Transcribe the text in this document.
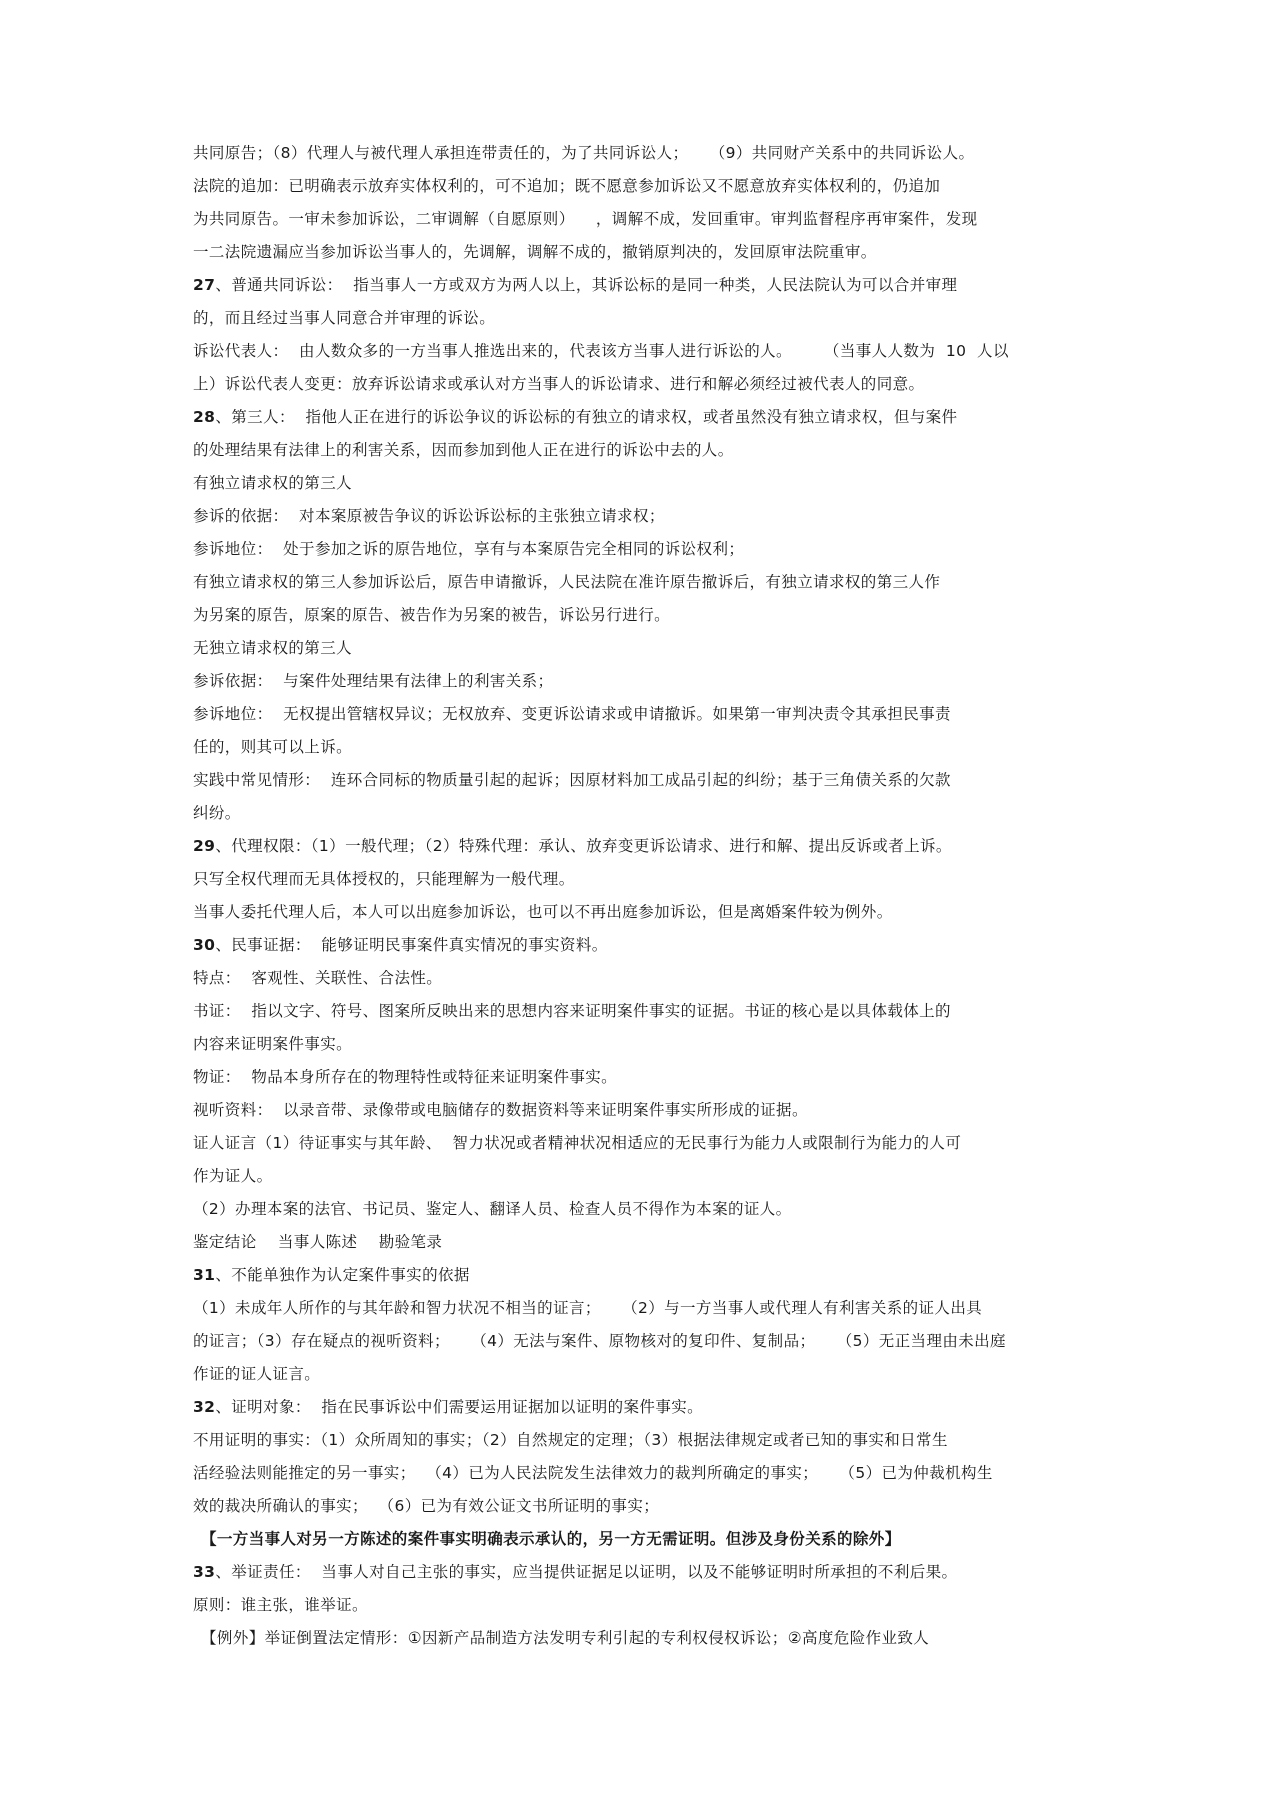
共同原告；（8）代理人与被代理人承担连带责任的，为了共同诉讼人；    （9）共同财产关系中的共同诉讼人。
法院的追加：已明确表示放弃实体权利的，可不追加；既不愿意参加诉讼又不愿意放弃实体权利的，仍追加
为共同原告。一审未参加诉讼，二审调解（自愿原则）    ，调解不成，发回重审。审判监督程序再审案件，发现
一二法院遗漏应当参加诉讼当事人的，先调解，调解不成的，撤销原判决的，发回原审法院重审。
27、普通共同诉讼：  指当事人一方或双方为两人以上，其诉讼标的是同一种类，人民法院认为可以合并审理
的，而且经过当事人同意合并审理的诉讼。
诉讼代表人：  由人数众多的一方当事人推选出来的，代表该方当事人进行诉讼的人。      （当事人人数为  10  人以
上）诉讼代表人变更：放弃诉讼请求或承认对方当事人的诉讼请求、进行和解必须经过被代表人的同意。
28、第三人：  指他人正在进行的诉讼争议的诉讼标的有独立的请求权，或者虽然没有独立请求权，但与案件
的处理结果有法律上的利害关系，因而参加到他人正在进行的诉讼中去的人。
有独立请求权的第三人
参诉的依据：  对本案原被告争议的诉讼诉讼标的主张独立请求权；
参诉地位：  处于参加之诉的原告地位，享有与本案原告完全相同的诉讼权利；
有独立请求权的第三人参加诉讼后，原告申请撤诉，人民法院在准许原告撤诉后，有独立请求权的第三人作
为另案的原告，原案的原告、被告作为另案的被告，诉讼另行进行。
无独立请求权的第三人
参诉依据：  与案件处理结果有法律上的利害关系；
参诉地位：  无权提出管辖权异议；无权放弃、变更诉讼请求或申请撤诉。如果第一审判决责令其承担民事责
任的，则其可以上诉。
实践中常见情形：  连环合同标的物质量引起的起诉；因原材料加工成品引起的纠纷；基于三角债关系的欠款
纠纷。
29、代理权限：（1）一般代理；（2）特殊代理：承认、放弃变更诉讼请求、进行和解、提出反诉或者上诉。
只写全权代理而无具体授权的，只能理解为一般代理。
当事人委托代理人后，本人可以出庭参加诉讼，也可以不再出庭参加诉讼，但是离婚案件较为例外。
30、民事证据：  能够证明民事案件真实情况的事实资料。
特点：  客观性、关联性、合法性。
书证：  指以文字、符号、图案所反映出来的思想内容来证明案件事实的证据。书证的核心是以具体载体上的
内容来证明案件事实。
物证：  物品本身所存在的物理特性或特征来证明案件事实。
视听资料：  以录音带、录像带或电脑储存的数据资料等来证明案件事实所形成的证据。
证人证言（1）待证事实与其年龄、  智力状况或者精神状况相适应的无民事行为能力人或限制行为能力的人可
作为证人。
（2）办理本案的法官、书记员、鉴定人、翻译人员、检查人员不得作为本案的证人。
鉴定结论    当事人陈述    勘验笔录
31、不能单独作为认定案件事实的依据
（1）未成年人所作的与其年龄和智力状况不相当的证言；    （2）与一方当事人或代理人有利害关系的证人出具
的证言；（3）存在疑点的视听资料；    （4）无法与案件、原物核对的复印件、复制品；    （5）无正当理由未出庭
作证的证人证言。
32、证明对象：  指在民事诉讼中们需要运用证据加以证明的案件事实。
不用证明的事实：（1）众所周知的事实；（2）自然规定的定理；（3）根据法律规定或者已知的事实和日常生
活经验法则能推定的另一事实；  （4）已为人民法院发生法律效力的裁判所确定的事实；    （5）已为仲裁机构生
效的裁决所确认的事实；  （6）已为有效公证文书所证明的事实；
【一方当事人对另一方陈述的案件事实明确表示承认的，另一方无需证明。但涉及身份关系的除外】
33、举证责任：  当事人对自己主张的事实，应当提供证据足以证明，以及不能够证明时所承担的不利后果。
原则：谁主张，谁举证。
【例外】举证倒置法定情形：①因新产品制造方法发明专利引起的专利权侵权诉讼；②高度危险作业致人
